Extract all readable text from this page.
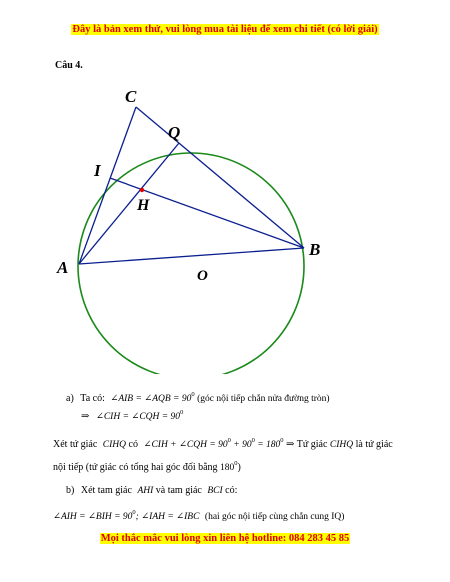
Đây là bản xem thử, vui lòng mua tài liệu để xem chi tiết (có lời giải)
Câu 4.
C
Q
I
H
A
B
O
a) Ta có: ∠AIB = ∠AQB = $90^0$ (góc nội tiếp chắn nửa đường tròn)
⇒ ∠CIH = ∠CQH = $90^0$
Xét tứ giác CIHQ có ∠CIH + ∠CQH = $90^0 + 90^0 = 180^0$ ⇒ Tứ giác CIHQ là tứ giác
nội tiếp (tứ giác có tổng hai góc đối bằng $180^0$)
b) Xét tam giác AHI và tam giác BCI có:
∠AIH = ∠BIH = $90^0$; ∠IAH = ∠IBC (hai góc nội tiếp cùng chắn cung IQ)
Mọi thắc mắc vui lòng xin liên hệ hotline: 084 283 45 85
